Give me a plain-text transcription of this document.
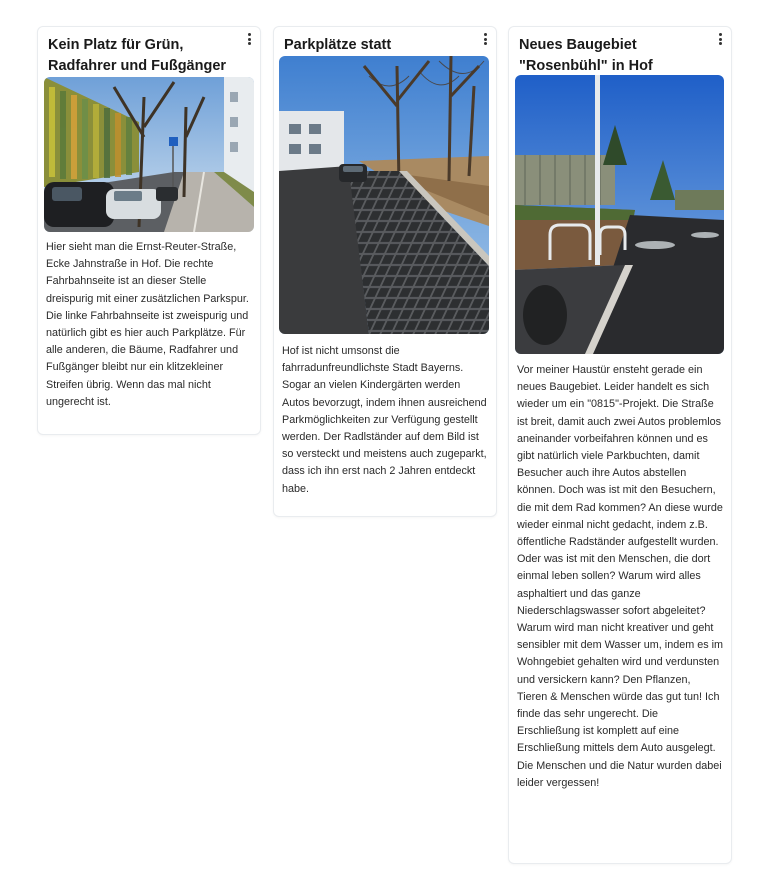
Kein Platz für Grün, Radfahrer und Fußgänger

Hier sieht man die Ernst-Reuter-Straße, Ecke Jahnstraße in Hof. Die rechte Fahrbahnseite ist an dieser Stelle dreispurig mit einer zusätzlichen Parkspur. Die linke Fahrbahnseite ist zweispurig und natürlich gibt es hier auch Parkplätze. Für alle anderen, die Bäume, Radfahrer und Fußgänger bleibt nur ein klitzekleiner Streifen übrig. Wenn das mal nicht ungerecht ist.

Parkplätze statt

Hof ist nicht umsonst die fahrradunfreundlichste Stadt Bayerns. Sogar an vielen Kindergärten werden Autos bevorzugt, indem ihnen ausreichend Parkmöglichkeiten zur Verfügung gestellt werden. Der Radlständer auf dem Bild ist so versteckt und meistens auch zugeparkt, dass ich ihn erst nach 2 Jahren entdeckt habe.

Neues Baugebiet "Rosenbühl" in Hof

Vor meiner Haustür ensteht gerade ein neues Baugebiet. Leider handelt es sich wieder um ein "0815"-Projekt. Die Straße ist breit, damit auch zwei Autos problemlos aneinander vorbeifahren können und es gibt natürlich viele Parkbuchten, damit Besucher auch ihre Autos abstellen können. Doch was ist mit den Besuchern, die mit dem Rad kommen? An diese wurde wieder einmal nicht gedacht, indem z.B. öffentliche Radständer aufgestellt wurden. Oder was ist mit den Menschen, die dort einmal leben sollen? Warum wird alles asphaltiert und das ganze Niederschlagswasser sofort abgeleitet? Warum wird man nicht kreativer und geht sensibler mit dem Wasser um, indem es im Wohngebiet gehalten wird und verdunsten und versickern kann? Den Pflanzen, Tieren & Menschen würde das gut tun! Ich finde das sehr ungerecht. Die Erschließung ist komplett auf eine Erschließung mittels dem Auto ausgelegt. Die Menschen und die Natur wurden dabei leider vergessen!
